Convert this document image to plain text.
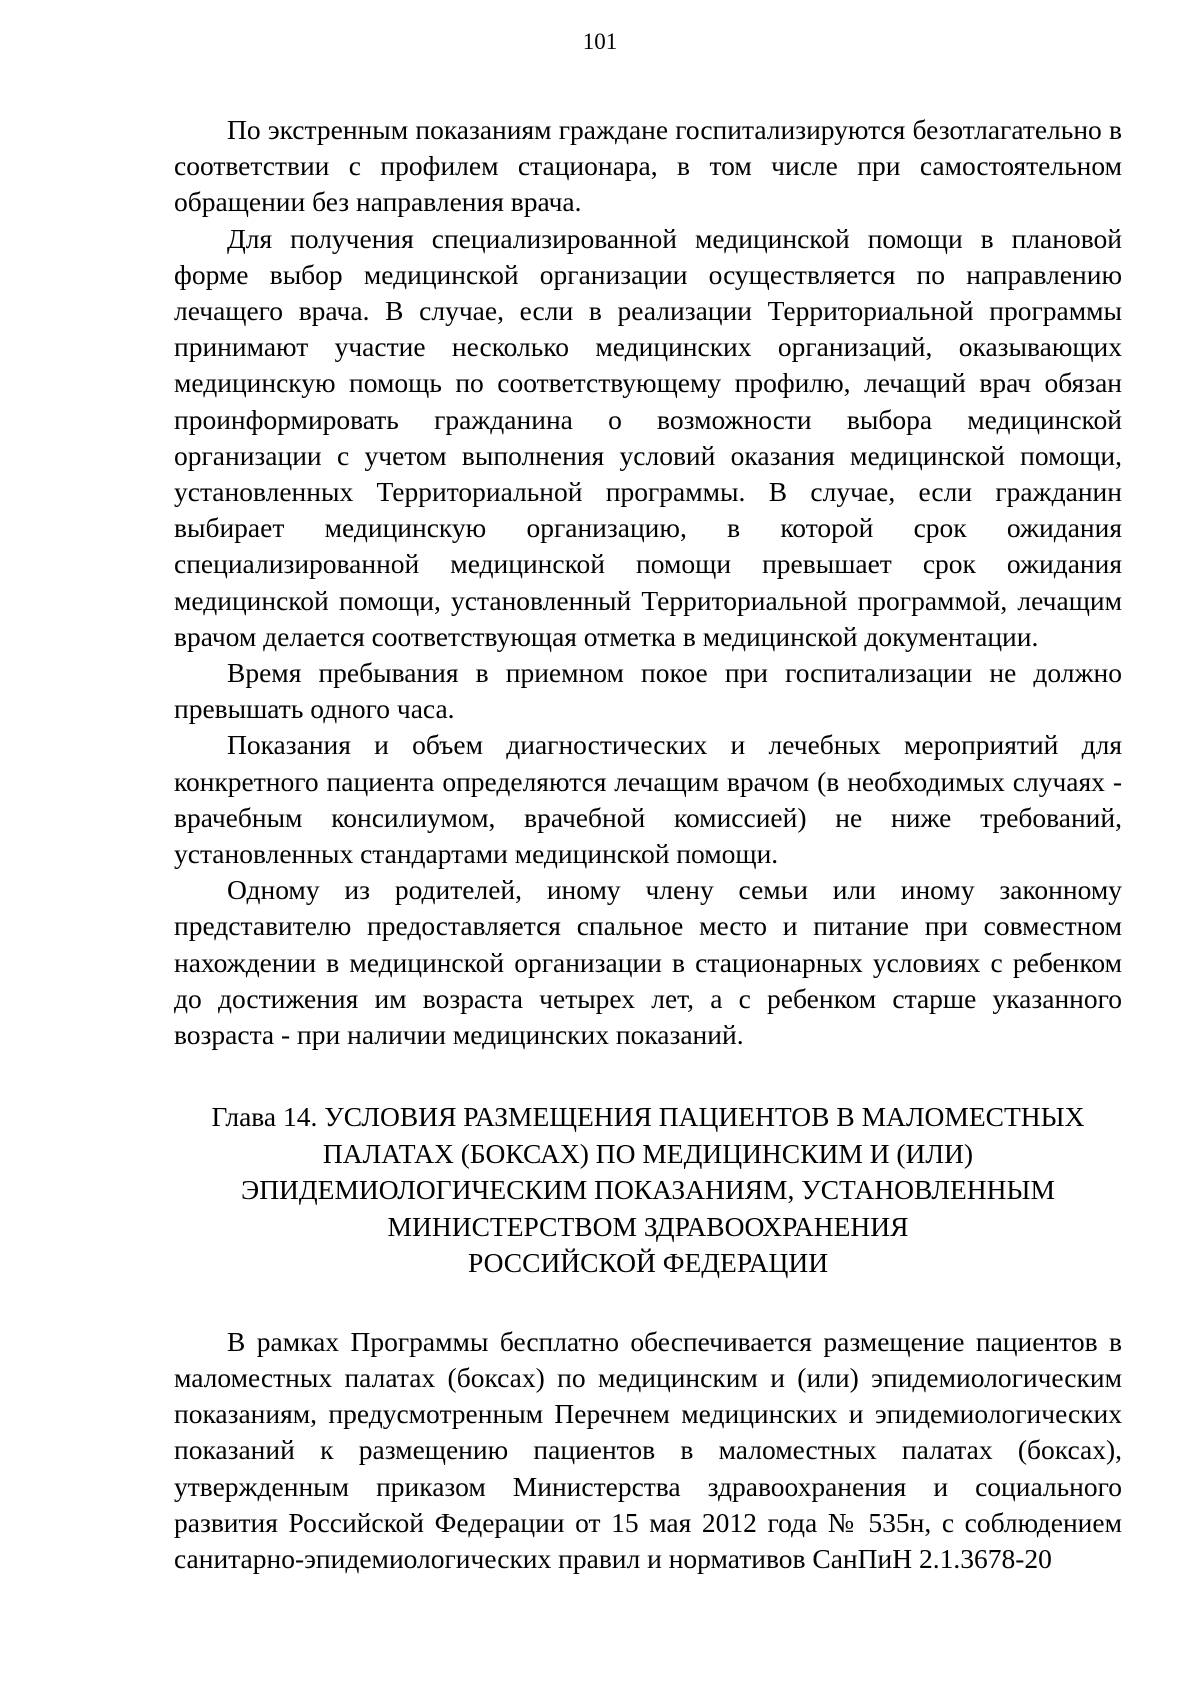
101

По экстренным показаниям граждане госпитализируются безотлагательно в соответствии с профилем стационара, в том числе при самостоятельном обращении без направления врача.

Для получения специализированной медицинской помощи в плановой форме выбор медицинской организации осуществляется по направлению лечащего врача. В случае, если в реализации Территориальной программы принимают участие несколько медицинских организаций, оказывающих медицинскую помощь по соответствующему профилю, лечащий врач обязан проинформировать гражданина о возможности выбора медицинской организации с учетом выполнения условий оказания медицинской помощи, установленных Территориальной программы. В случае, если гражданин выбирает медицинскую организацию, в которой срок ожидания специализированной медицинской помощи превышает срок ожидания медицинской помощи, установленный Территориальной программой, лечащим врачом делается соответствующая отметка в медицинской документации.

Время пребывания в приемном покое при госпитализации не должно превышать одного часа.

Показания и объем диагностических и лечебных мероприятий для конкретного пациента определяются лечащим врачом (в необходимых случаях - врачебным консилиумом, врачебной комиссией) не ниже требований, установленных стандартами медицинской помощи.

Одному из родителей, иному члену семьи или иному законному представителю предоставляется спальное место и питание при совместном нахождении в медицинской организации в стационарных условиях с ребенком до достижения им возраста четырех лет, а с ребенком старше указанного возраста - при наличии медицинских показаний.

Глава 14. УСЛОВИЯ РАЗМЕЩЕНИЯ ПАЦИЕНТОВ В МАЛОМЕСТНЫХ
ПАЛАТАХ (БОКСАХ) ПО МЕДИЦИНСКИМ И (ИЛИ)
ЭПИДЕМИОЛОГИЧЕСКИМ ПОКАЗАНИЯМ, УСТАНОВЛЕННЫМ
МИНИСТЕРСТВОМ ЗДРАВООХРАНЕНИЯ
РОССИЙСКОЙ ФЕДЕРАЦИИ

В рамках Программы бесплатно обеспечивается размещение пациентов в маломестных палатах (боксах) по медицинским и (или) эпидемиологическим показаниям, предусмотренным Перечнем медицинских и эпидемиологических показаний к размещению пациентов в маломестных палатах (боксах), утвержденным приказом Министерства здравоохранения и социального развития Российской Федерации от 15 мая 2012 года № 535н, с соблюдением санитарно-эпидемиологических правил и нормативов СанПиН 2.1.3678-20
